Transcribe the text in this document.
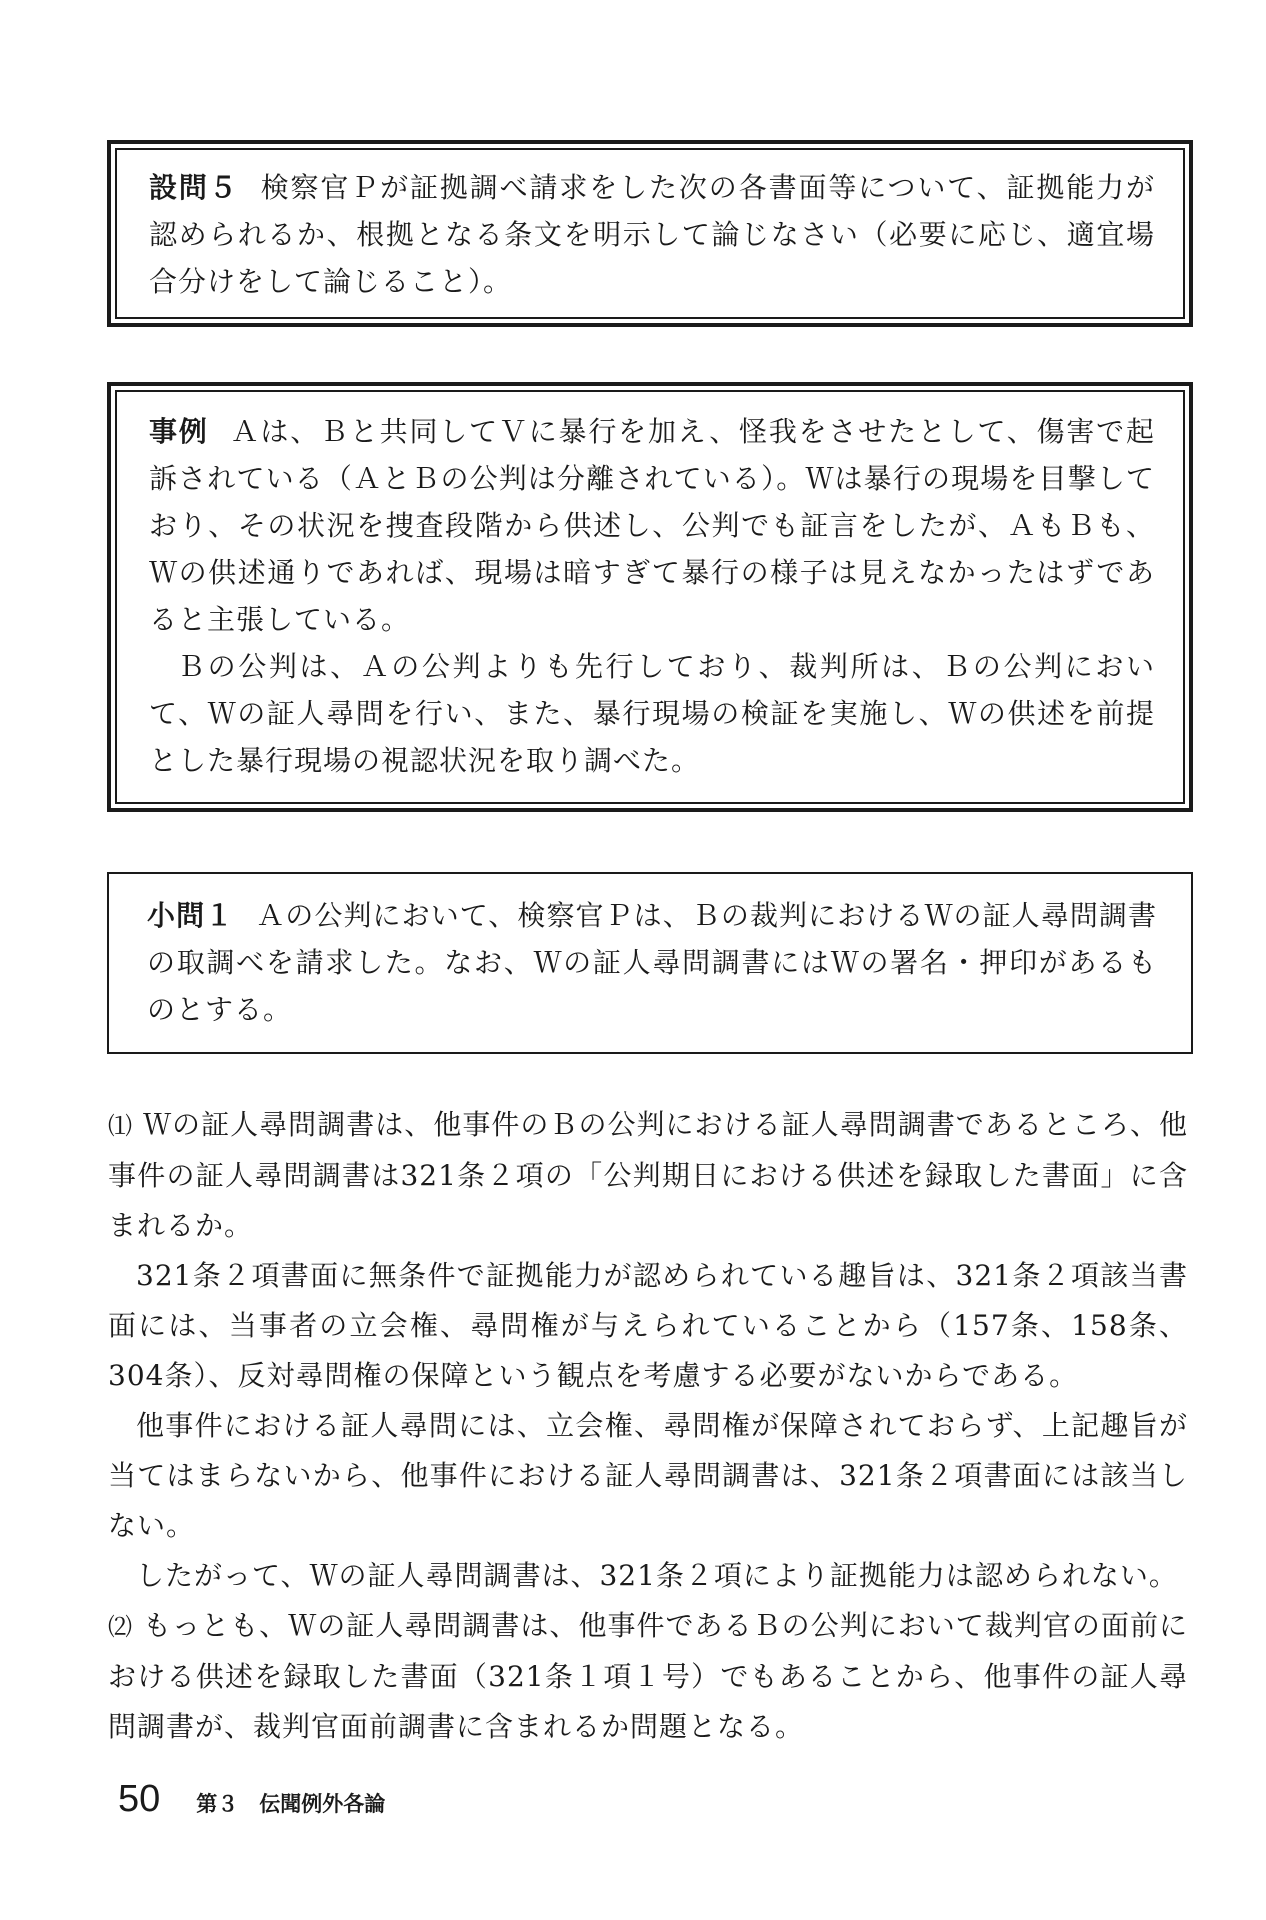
設問５ 検察官Ｐが証拠調べ請求をした次の各書面等について、証拠能力が認められるか、根拠となる条文を明示して論じなさい（必要に応じ、適宜場合分けをして論じること）。

事例 Ａは、Ｂと共同してＶに暴行を加え、怪我をさせたとして、傷害で起訴されている（ＡとＢの公判は分離されている）。Ｗは暴行の現場を目撃しており、その状況を捜査段階から供述し、公判でも証言をしたが、ＡもＢも、Ｗの供述通りであれば、現場は暗すぎて暴行の様子は見えなかったはずであると主張している。

Ｂの公判は、Ａの公判よりも先行しており、裁判所は、Ｂの公判において、Ｗの証人尋問を行い、また、暴行現場の検証を実施し、Ｗの供述を前提とした暴行現場の視認状況を取り調べた。

小問１ Ａの公判において、検察官Ｐは、Ｂの裁判におけるＷの証人尋問調書の取調べを請求した。なお、Ｗの証人尋問調書にはＷの署名・押印があるものとする。

⑴ Ｗの証人尋問調書は、他事件のＢの公判における証人尋問調書であるところ、他事件の証人尋問調書は321条２項の「公判期日における供述を録取した書面」に含まれるか。

321条２項書面に無条件で証拠能力が認められている趣旨は、321条２項該当書面には、当事者の立会権、尋問権が与えられていることから（157条、158条、304条）、反対尋問権の保障という観点を考慮する必要がないからである。

他事件における証人尋問には、立会権、尋問権が保障されておらず、上記趣旨が当てはまらないから、他事件における証人尋問調書は、321条２項書面には該当しない。

したがって、Ｗの証人尋問調書は、321条２項により証拠能力は認められない。

⑵ もっとも、Ｗの証人尋問調書は、他事件であるＢの公判において裁判官の面前における供述を録取した書面（321条１項１号）でもあることから、他事件の証人尋問調書が、裁判官面前調書に含まれるか問題となる。

50 第３　伝聞例外各論
